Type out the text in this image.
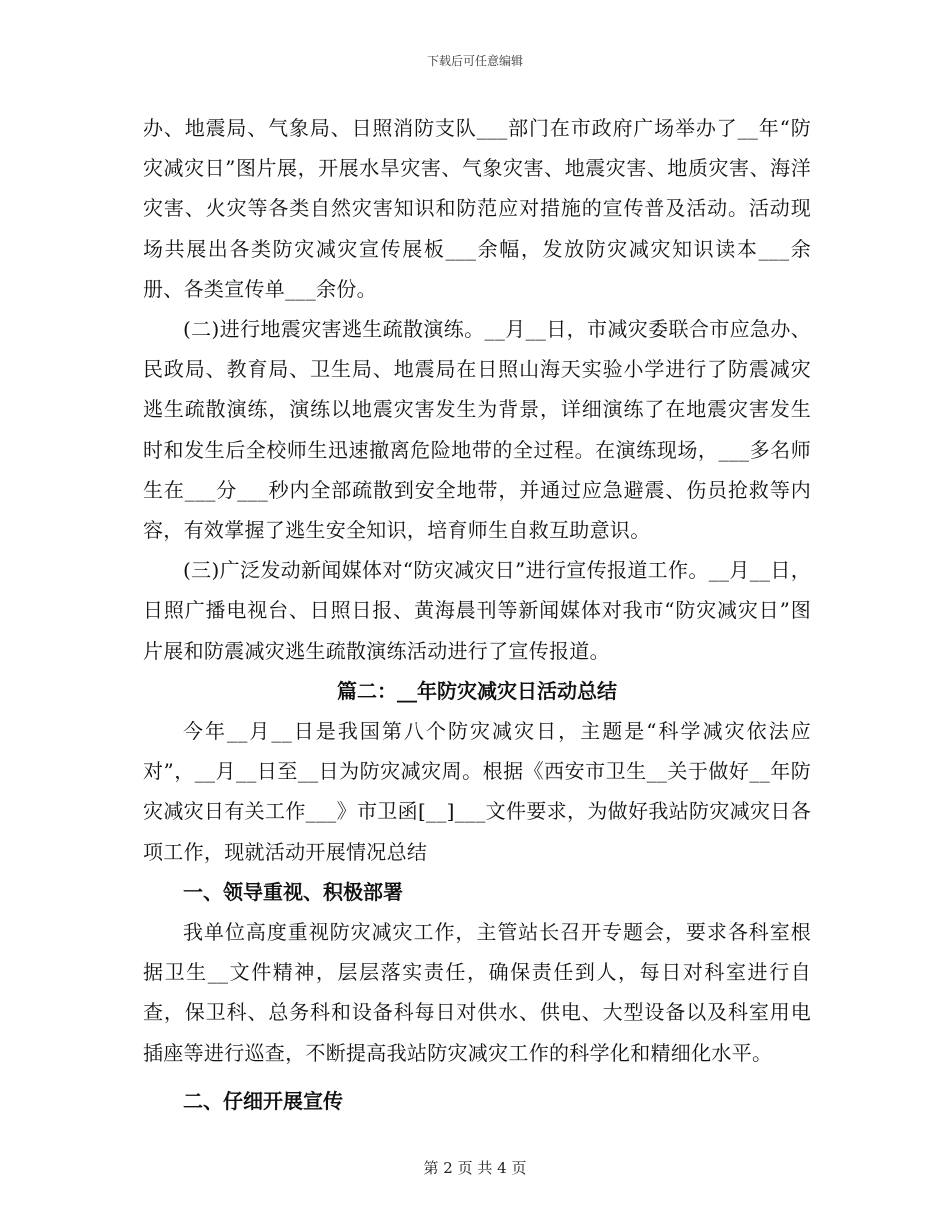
下载后可任意编辑

办、地震局、气象局、日照消防支队___部门在市政府广场举办了__年“防灾减灾日”图片展，开展水旱灾害、气象灾害、地震灾害、地质灾害、海洋灾害、火灾等各类自然灾害知识和防范应对措施的宣传普及活动。活动现场共展出各类防灾减灾宣传展板___余幅，发放防灾减灾知识读本___余册、各类宣传单___余份。

(二)进行地震灾害逃生疏散演练。__月__日，市减灾委联合市应急办、民政局、教育局、卫生局、地震局在日照山海天实验小学进行了防震减灾逃生疏散演练，演练以地震灾害发生为背景，详细演练了在地震灾害发生时和发生后全校师生迅速撤离危险地带的全过程。在演练现场，___多名师生在___分___秒内全部疏散到安全地带，并通过应急避震、伤员抢救等内容，有效掌握了逃生安全知识，培育师生自救互助意识。

(三)广泛发动新闻媒体对“防灾减灾日”进行宣传报道工作。__月__日，日照广播电视台、日照日报、黄海晨刊等新闻媒体对我市“防灾减灾日”图片展和防震减灾逃生疏散演练活动进行了宣传报道。

篇二：__年防灾减灾日活动总结

今年__月__日是我国第八个防灾减灾日，主题是“科学减灾依法应对”，__月__日至__日为防灾减灾周。根据《西安市卫生__关于做好__年防灾减灾日有关工作___》市卫函[__]___文件要求，为做好我站防灾减灾日各项工作，现就活动开展情况总结

一、领导重视、积极部署

我单位高度重视防灾减灾工作，主管站长召开专题会，要求各科室根据卫生__文件精神，层层落实责任，确保责任到人，每日对科室进行自查，保卫科、总务科和设备科每日对供水、供电、大型设备以及科室用电插座等进行巡查，不断提高我站防灾减灾工作的科学化和精细化水平。

二、仔细开展宣传

第 2 页 共 4 页
